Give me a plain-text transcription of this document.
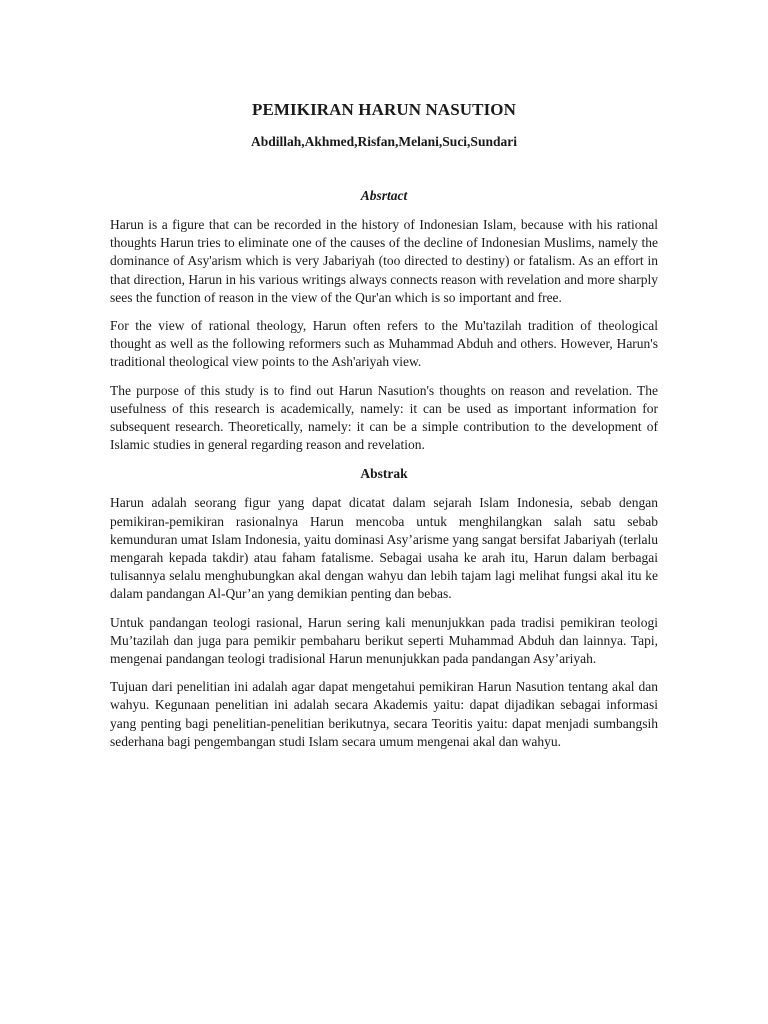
PEMIKIRAN HARUN NASUTION
Abdillah,Akhmed,Risfan,Melani,Suci,Sundari
Absrtact

Harun is a figure that can be recorded in the history of Indonesian Islam, because with his rational thoughts Harun tries to eliminate one of the causes of the decline of Indonesian Muslims, namely the dominance of Asy'arism which is very Jabariyah (too directed to destiny) or fatalism. As an effort in that direction, Harun in his various writings always connects reason with revelation and more sharply sees the function of reason in the view of the Qur'an which is so important and free.

For the view of rational theology, Harun often refers to the Mu'tazilah tradition of theological thought as well as the following reformers such as Muhammad Abduh and others. However, Harun's traditional theological view points to the Ash'ariyah view.

The purpose of this study is to find out Harun Nasution's thoughts on reason and revelation. The usefulness of this research is academically, namely: it can be used as important information for subsequent research. Theoretically, namely: it can be a simple contribution to the development of Islamic studies in general regarding reason and revelation.

Abstrak

Harun adalah seorang figur yang dapat dicatat dalam sejarah Islam Indonesia, sebab dengan pemikiran-pemikiran rasionalnya Harun mencoba untuk menghilangkan salah satu sebab kemunduran umat Islam Indonesia, yaitu dominasi Asy’arisme yang sangat bersifat Jabariyah (terlalu mengarah kepada takdir) atau faham fatalisme. Sebagai usaha ke arah itu, Harun dalam berbagai tulisannya selalu menghubungkan akal dengan wahyu dan lebih tajam lagi melihat fungsi akal itu ke dalam pandangan Al-Qur’an yang demikian penting dan bebas.

Untuk pandangan teologi rasional, Harun sering kali menunjukkan pada tradisi pemikiran teologi Mu’tazilah dan juga para pemikir pembaharu berikut seperti Muhammad Abduh dan lainnya. Tapi, mengenai pandangan teologi tradisional Harun menunjukkan pada pandangan Asy’ariyah.

Tujuan dari penelitian ini adalah agar dapat mengetahui pemikiran Harun Nasution tentang akal dan wahyu. Kegunaan penelitian ini adalah secara Akademis yaitu: dapat dijadikan sebagai informasi yang penting bagi penelitian-penelitian berikutnya, secara Teoritis yaitu: dapat menjadi sumbangsih sederhana bagi pengembangan studi Islam secara umum mengenai akal dan wahyu.
